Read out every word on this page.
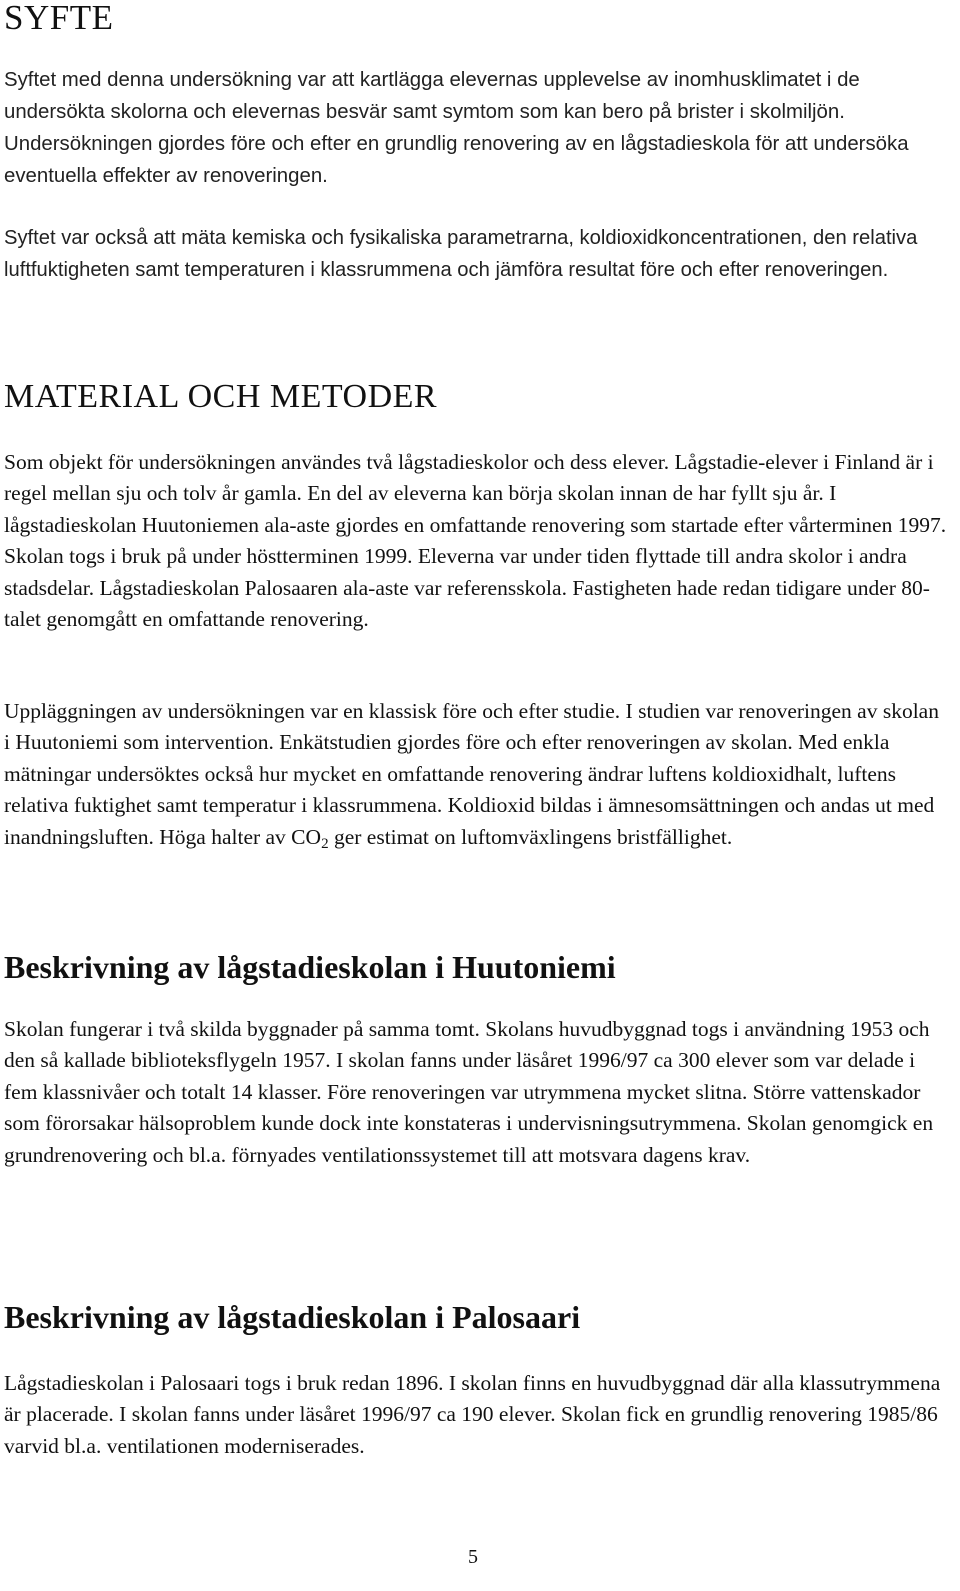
SYFTE

Syftet med denna undersökning var att kartlägga elevernas upplevelse av inomhusklimatet i de undersökta skolorna och elevernas besvär samt symtom som kan bero på brister i skolmiljön. Undersökningen gjordes före och efter en grundlig renovering av en lågstadieskola för att undersöka eventuella effekter av renoveringen.

Syftet var också att mäta kemiska och fysikaliska parametrarna, koldioxidkoncentrationen, den relativa luftfuktigheten samt temperaturen i klassrummena och jämföra resultat före och efter renoveringen.

MATERIAL OCH METODER

Som objekt för undersökningen användes två lågstadieskolor och dess elever. Lågstadie-elever i Finland är i regel mellan sju och tolv år gamla. En del av eleverna kan börja skolan innan de har fyllt sju år. I lågstadieskolan Huutoniemen ala-aste gjordes en omfattande renovering som startade efter vårterminen 1997. Skolan togs i bruk på under höstterminen 1999. Eleverna var under tiden flyttade till andra skolor i andra stadsdelar. Lågstadieskolan Palosaaren ala-aste var referensskola. Fastigheten hade redan tidigare under 80-talet genomgått en omfattande renovering.

Uppläggningen av undersökningen var en klassisk före och efter studie. I studien var renoveringen av skolan i Huutoniemi som intervention. Enkätstudien gjordes före och efter renoveringen av skolan. Med enkla mätningar undersöktes också hur mycket en omfattande renovering ändrar luftens koldioxidhalt, luftens relativa fuktighet samt temperatur i klassrummena. Koldioxid bildas i ämnesomsättningen och andas ut med inandningsluften. Höga halter av $CO_2$ ger estimat on luftomväxlingens bristfällighet.

Beskrivning av lågstadieskolan i Huutoniemi

Skolan fungerar i två skilda byggnader på samma tomt. Skolans huvudbyggnad togs i användning 1953 och den så kallade biblioteksflygeln 1957. I skolan fanns under läsåret 1996/97 ca 300 elever som var delade i fem klassnivåer och totalt 14 klasser. Före renoveringen var utrymmena mycket slitna. Större vattenskador som förorsakar hälsoproblem kunde dock inte konstateras i undervisningsutrymmena. Skolan genomgick en grundrenovering och bl.a. förnyades ventilationssystemet till att motsvara dagens krav.

Beskrivning av lågstadieskolan i Palosaari

Lågstadieskolan i Palosaari togs i bruk redan 1896. I skolan finns en huvudbyggnad där alla klassutrymmena är placerade. I skolan fanns under läsåret 1996/97 ca 190 elever. Skolan fick en grundlig renovering 1985/86 varvid bl.a. ventilationen moderniserades.

5
